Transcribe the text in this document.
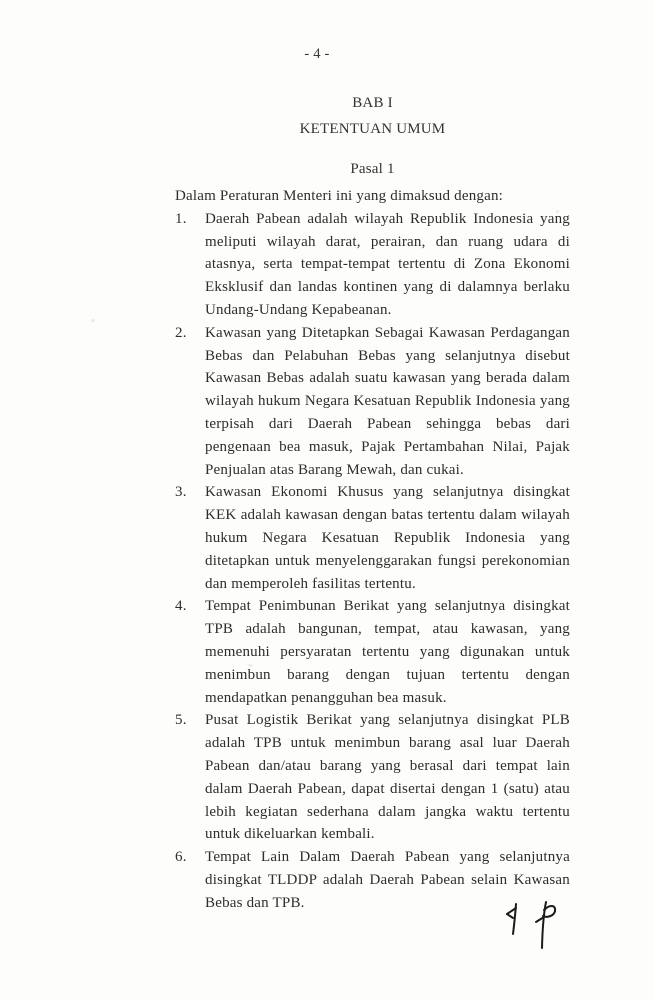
- 4 -

BAB I

KETENTUAN UMUM

Pasal 1

Dalam Peraturan Menteri ini yang dimaksud dengan:

1.	Daerah Pabean adalah wilayah Republik Indonesia yang meliputi wilayah darat, perairan, dan ruang udara di atasnya, serta tempat-tempat tertentu di Zona Ekonomi Eksklusif dan landas kontinen yang di dalamnya berlaku Undang-Undang Kepabeanan.
2.	Kawasan yang Ditetapkan Sebagai Kawasan Perdagangan Bebas dan Pelabuhan Bebas yang selanjutnya disebut Kawasan Bebas adalah suatu kawasan yang berada dalam wilayah hukum Negara Kesatuan Republik Indonesia yang terpisah dari Daerah Pabean sehingga bebas dari pengenaan bea masuk, Pajak Pertambahan Nilai, Pajak Penjualan atas Barang Mewah, dan cukai.
3.	Kawasan Ekonomi Khusus yang selanjutnya disingkat KEK adalah kawasan dengan batas tertentu dalam wilayah hukum Negara Kesatuan Republik Indonesia yang ditetapkan untuk menyelenggarakan fungsi perekonomian dan memperoleh fasilitas tertentu.
4.	Tempat Penimbunan Berikat yang selanjutnya disingkat TPB adalah bangunan, tempat, atau kawasan, yang memenuhi persyaratan tertentu yang digunakan untuk menimbun barang dengan tujuan tertentu dengan mendapatkan penangguhan bea masuk.
5.	Pusat Logistik Berikat yang selanjutnya disingkat PLB adalah TPB untuk menimbun barang asal luar Daerah Pabean dan/atau barang yang berasal dari tempat lain dalam Daerah Pabean, dapat disertai dengan 1 (satu) atau lebih kegiatan sederhana dalam jangka waktu tertentu untuk dikeluarkan kembali.
6.	Tempat Lain Dalam Daerah Pabean yang selanjutnya disingkat TLDDP adalah Daerah Pabean selain Kawasan Bebas dan TPB.
